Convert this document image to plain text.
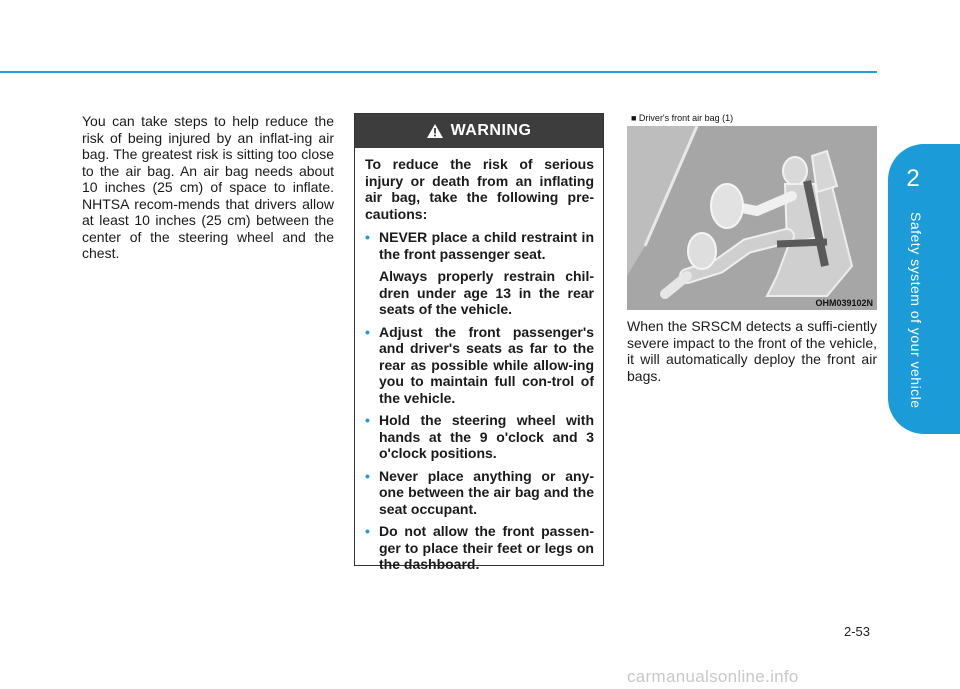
2
Safety system of your vehicle
You can take steps to help reduce the risk of being injured by an inflat-ing air bag. The greatest risk is sitting too close to the air bag. An air bag needs about 10 inches (25 cm) of space to inflate. NHTSA recom-mends that drivers allow at least 10 inches (25 cm) between the center of the steering wheel and the chest.
WARNING

To reduce the risk of serious injury or death from an inflating air bag, take the following pre-cautions:

• NEVER place a child restraint in the front passenger seat.
Always properly restrain chil-dren under age 13 in the rear seats of the vehicle.
• Adjust the front passenger's and driver's seats as far to the rear as possible while allow-ing you to maintain full con-trol of the vehicle.
• Hold the steering wheel with hands at the 9 o'clock and 3 o'clock positions.
• Never place anything or any-one between the air bag and the seat occupant.
• Do not allow the front passen-ger to place their feet or legs on the dashboard.
■ Driver's front air bag (1)
OHM039102N
When the SRSCM detects a suffi-ciently severe impact to the front of the vehicle, it will automatically deploy the front air bags.
2-53
carmanualsonline.info
